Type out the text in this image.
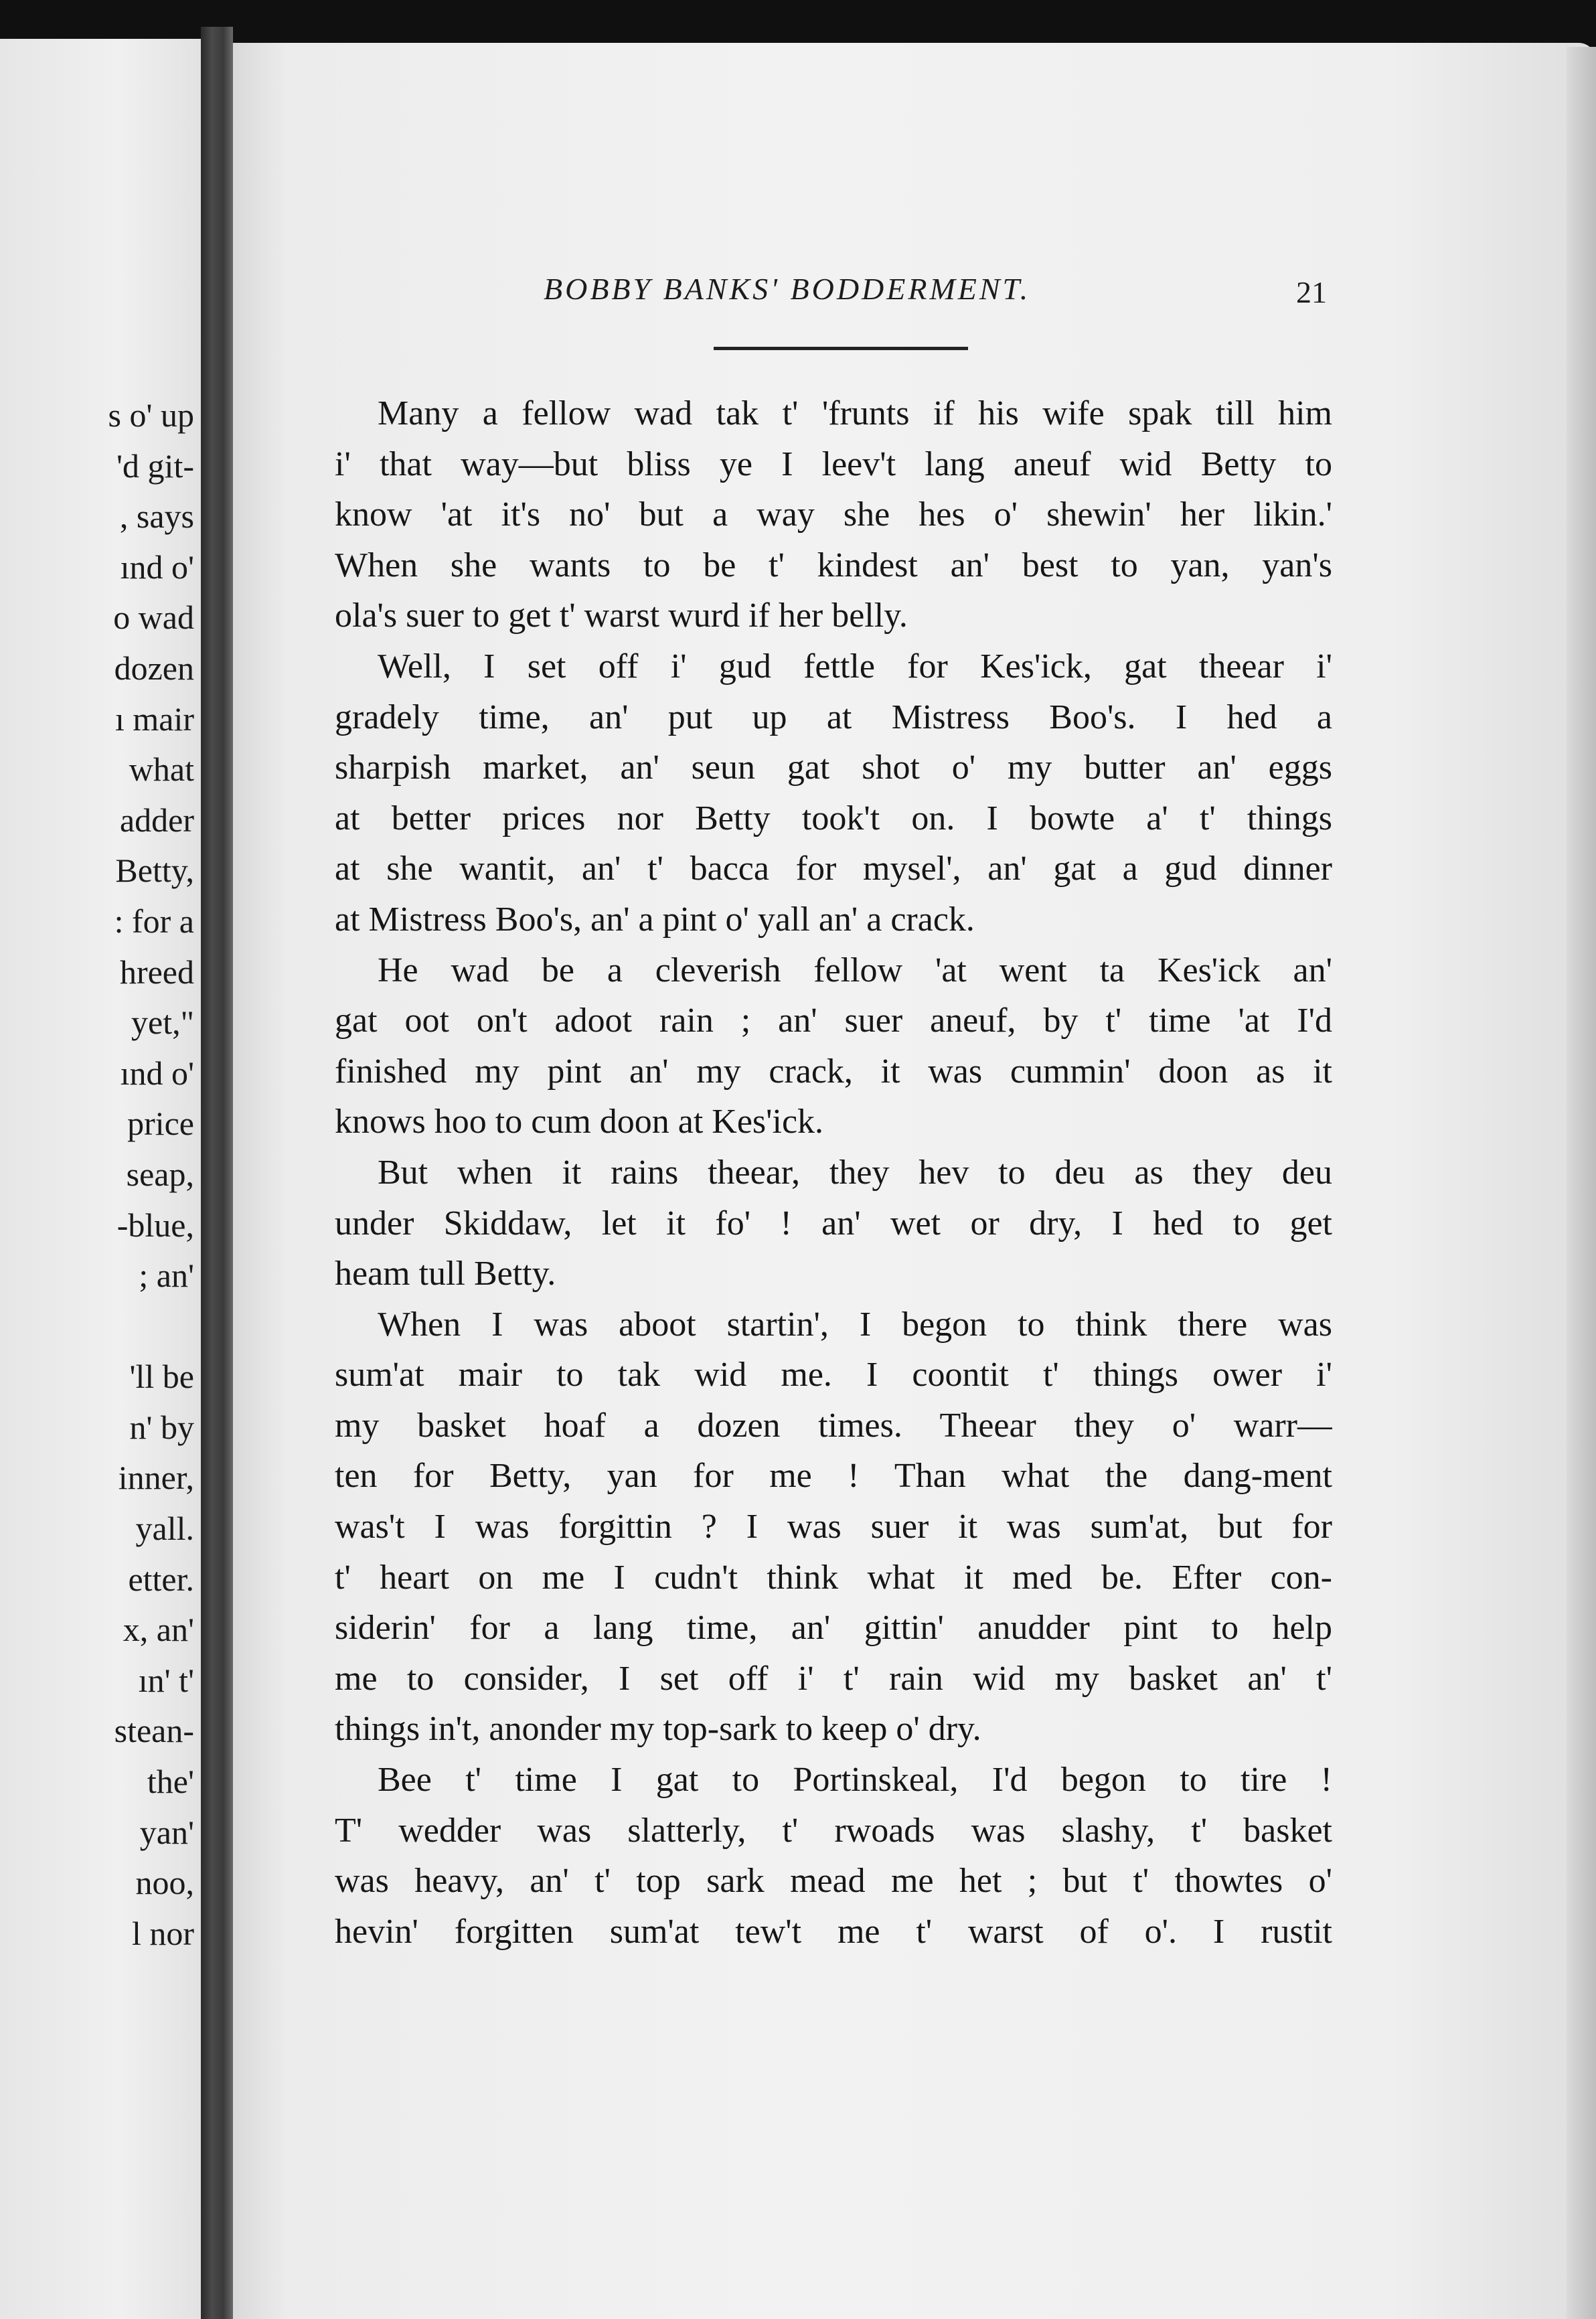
s o' up
'd git-
, says
ınd o'
o wad
dozen
ı mair
what
adder
Betty,
: for a
hreed
yet,"
ınd o'
price
seap,
-blue,
; an'
'll be
n' by
inner,
yall.
etter.
x, an'
ın' t'
stean-
the'
yan'
noo,
l nor
BOBBY BANKS' BODDERMENT.	21
Many a fellow wad tak t' 'frunts if his wife spak till him
i' that way—but bliss ye I leev't lang aneuf wid Betty to
know 'at it's no' but a way she hes o' shewin' her likin.'
When she wants to be t' kindest an' best to yan, yan's
ola's suer to get t' warst wurd if her belly.
Well, I set off i' gud fettle for Kes'ick, gat theear i'
gradely time, an' put up at Mistress Boo's. I hed a
sharpish market, an' seun gat shot o' my butter an' eggs
at better prices nor Betty took't on. I bowte a' t' things
at she wantit, an' t' bacca for mysel', an' gat a gud dinner
at Mistress Boo's, an' a pint o' yall an' a crack.
He wad be a cleverish fellow 'at went ta Kes'ick an'
gat oot on't adoot rain ; an' suer aneuf, by t' time 'at I'd
finished my pint an' my crack, it was cummin' doon as it
knows hoo to cum doon at Kes'ick.
But when it rains theear, they hev to deu as they deu
under Skiddaw, let it fo' ! an' wet or dry, I hed to get
heam tull Betty.
When I was aboot startin', I begon to think there was
sum'at mair to tak wid me. I coontit t' things ower i'
my basket hoaf a dozen times. Theear they o' warr—
ten for Betty, yan for me ! Than what the dang-ment
was't I was forgittin ? I was suer it was sum'at, but for
t' heart on me I cudn't think what it med be. Efter con-
siderin' for a lang time, an' gittin' anudder pint to help
me to consider, I set off i' t' rain wid my basket an' t'
things in't, anonder my top-sark to keep o' dry.
Bee t' time I gat to Portinskeal, I'd begon to tire !
T' wedder was slatterly, t' rwoads was slashy, t' basket
was heavy, an' t' top sark mead me het ; but t' thowtes o'
hevin' forgitten sum'at tew't me t' warst of o'. I rustit
